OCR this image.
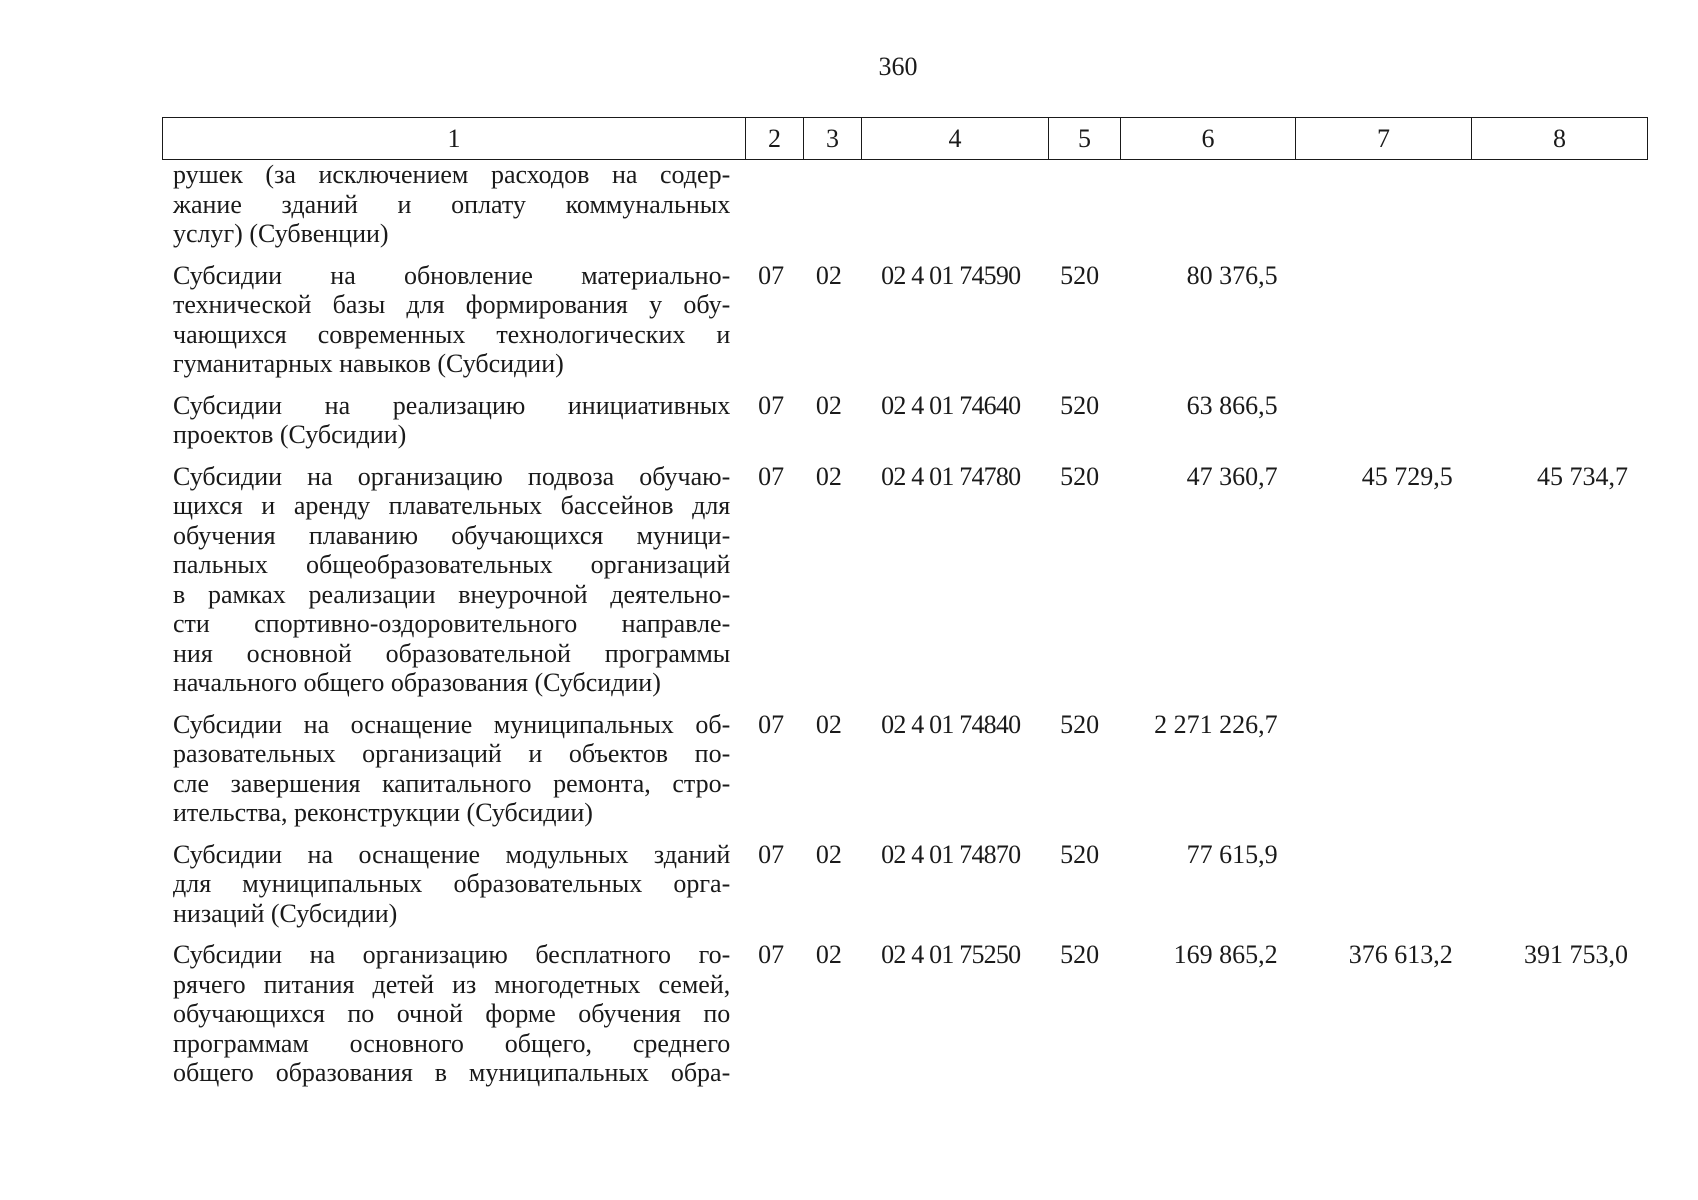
360
1	2	3	4	5	6	7	8
рушек (за исключением расходов на содер-
жание зданий и оплату коммунальных
услуг) (Субвенции)
Субсидии на обновление материально-
технической базы для формирования у обу-
чающихся современных технологических и
гуманитарных навыков (Субсидии)
07	02	02 4 01 74590	520	80 376,5
Субсидии на реализацию инициативных
проектов (Субсидии)
07	02	02 4 01 74640	520	63 866,5
Субсидии на организацию подвоза обучаю-
щихся и аренду плавательных бассейнов для
обучения плаванию обучающихся муници-
пальных общеобразовательных организаций
в рамках реализации внеурочной деятельно-
сти спортивно-оздоровительного направле-
ния основной образовательной программы
начального общего образования (Субсидии)
07	02	02 4 01 74780	520	47 360,7	45 729,5	45 734,7
Субсидии на оснащение муниципальных об-
разовательных организаций и объектов по-
сле завершения капитального ремонта, стро-
ительства, реконструкции (Субсидии)
07	02	02 4 01 74840	520	2 271 226,7
Субсидии на оснащение модульных зданий
для муниципальных образовательных орга-
низаций (Субсидии)
07	02	02 4 01 74870	520	77 615,9
Субсидии на организацию бесплатного го-
рячего питания детей из многодетных семей,
обучающихся по очной форме обучения по
программам основного общего, среднего
общего образования в муниципальных обра-
07	02	02 4 01 75250	520	169 865,2	376 613,2	391 753,0
